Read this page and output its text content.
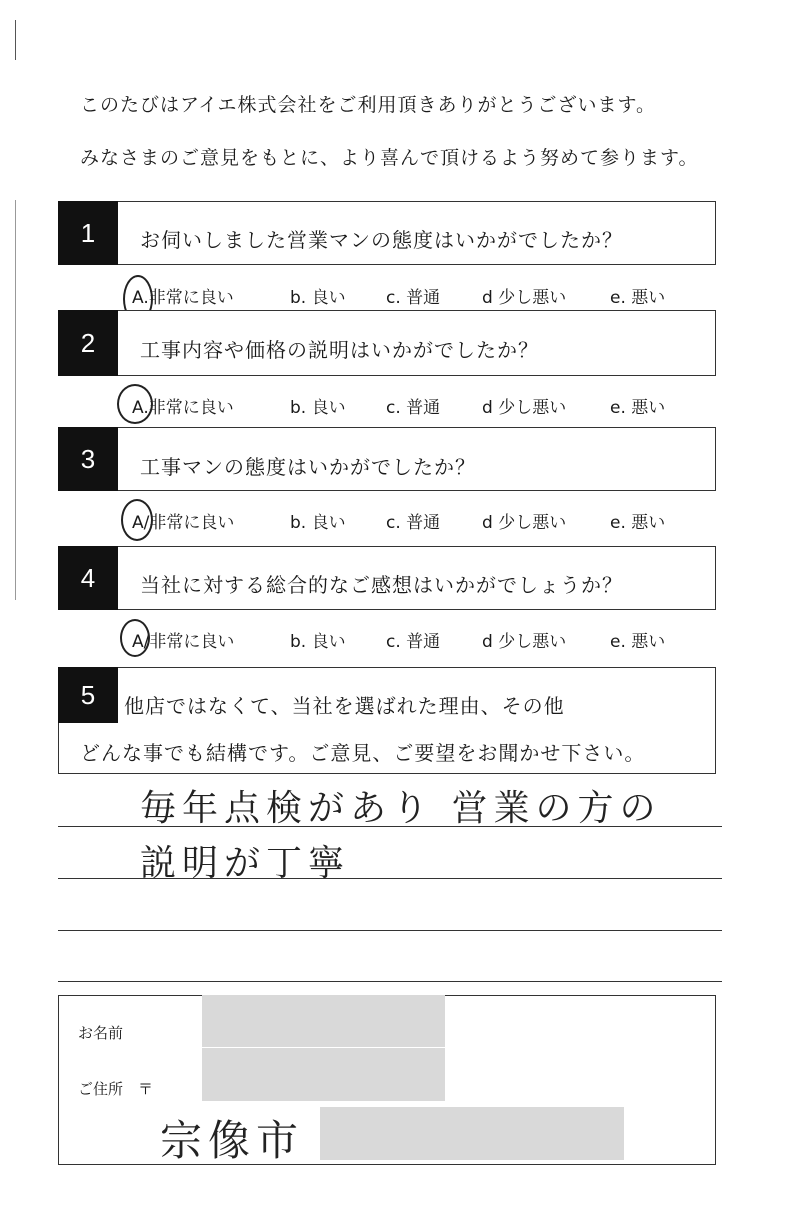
このたびはアイエ株式会社をご利用頂きありがとうございます。
みなさまのご意見をもとに、より喜んで頂けるよう努めて参ります。
1	お伺いしました営業マンの態度はいかがでしたか？
A.非常に良い	b. 良い c. 普通 d 少し悪い	e. 悪い
2	工事内容や価格の説明はいかがでしたか？
A.非常に良い	b. 良い c. 普通 d 少し悪い	e. 悪い
3	工事マンの態度はいかがでしたか？
A/非常に良い	b. 良い c. 普通 d 少し悪い	e. 悪い
4	当社に対する総合的なご感想はいかがでしょうか？
A/非常に良い	b. 良い c. 普通 d 少し悪い	e. 悪い
5	他店ではなくて、当社を選ばれた理由、その他
どんな事でも結構です。ご意見、ご要望をお聞かせ下さい。
毎年点検があり 営業の方の
説明が丁寧
お名前
ご住所　〒
宗像市
